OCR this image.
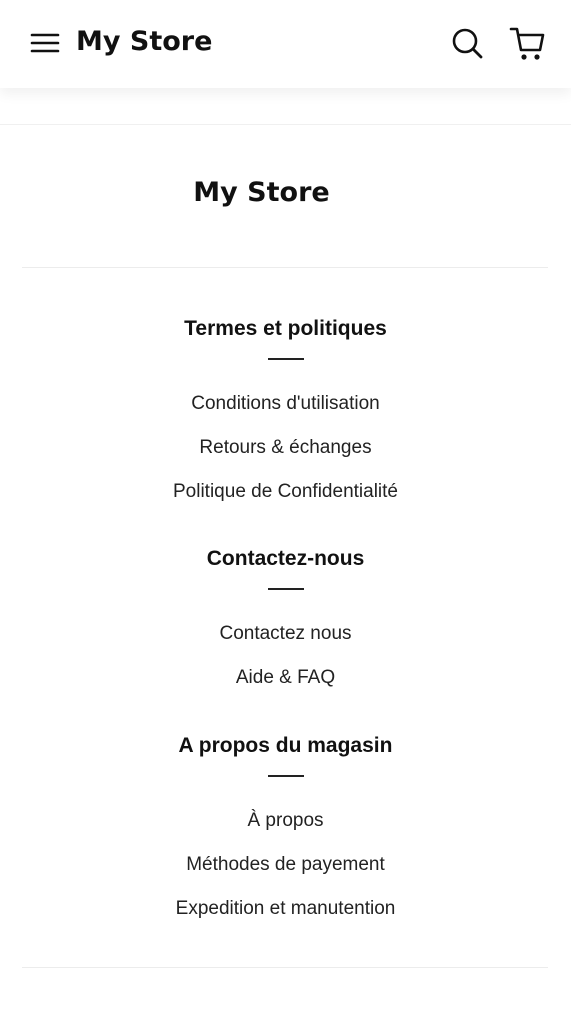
My Store
My Store
Termes et politiques
Conditions d'utilisation
Retours & échanges
Politique de Confidentialité
Contactez-nous
Contactez nous
Aide & FAQ
A propos du magasin
À propos
Méthodes de payement
Expedition et manutention
